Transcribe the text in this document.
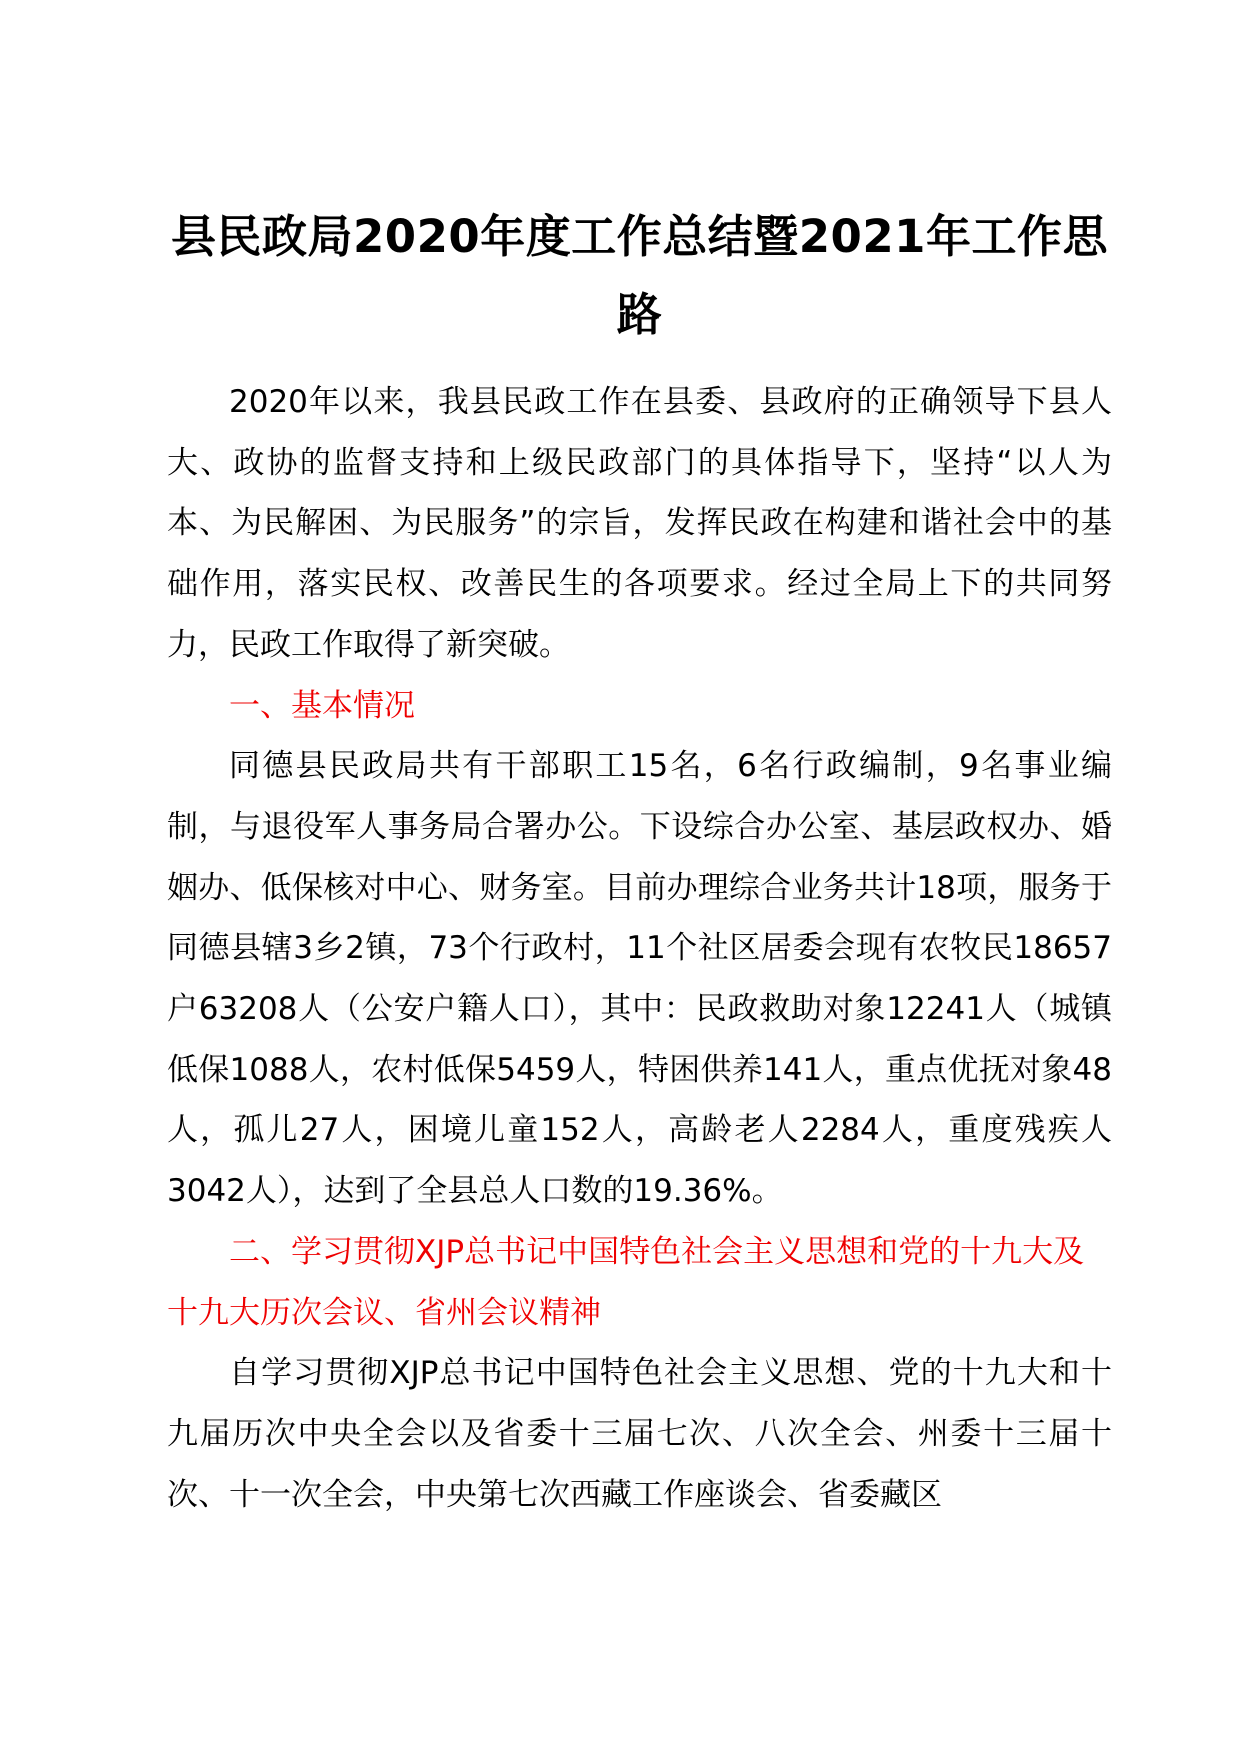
县民政局2020年度工作总结暨2021年工作思路

2020年以来，我县民政工作在县委、县政府的正确领导下县人大、政协的监督支持和上级民政部门的具体指导下，坚持“以人为本、为民解困、为民服务”的宗旨，发挥民政在构建和谐社会中的基础作用，落实民权、改善民生的各项要求。经过全局上下的共同努力，民政工作取得了新突破。

一、基本情况

同德县民政局共有干部职工15名，6名行政编制，9名事业编制，与退役军人事务局合署办公。下设综合办公室、基层政权办、婚姻办、低保核对中心、财务室。目前办理综合业务共计18项，服务于同德县辖3乡2镇，73个行政村，11个社区居委会现有农牧民18657户63208人（公安户籍人口），其中：民政救助对象12241人（城镇低保1088人，农村低保5459人，特困供养141人，重点优抚对象48人，孤儿27人，困境儿童152人，高龄老人2284人，重度残疾人3042人），达到了全县总人口数的19.36%。

二、学习贯彻XJP总书记中国特色社会主义思想和党的十九大及十九大历次会议、省州会议精神

自学习贯彻XJP总书记中国特色社会主义思想、党的十九大和十九届历次中央全会以及省委十三届七次、八次全会、州委十三届十次、十一次全会，中央第七次西藏工作座谈会、省委藏区
